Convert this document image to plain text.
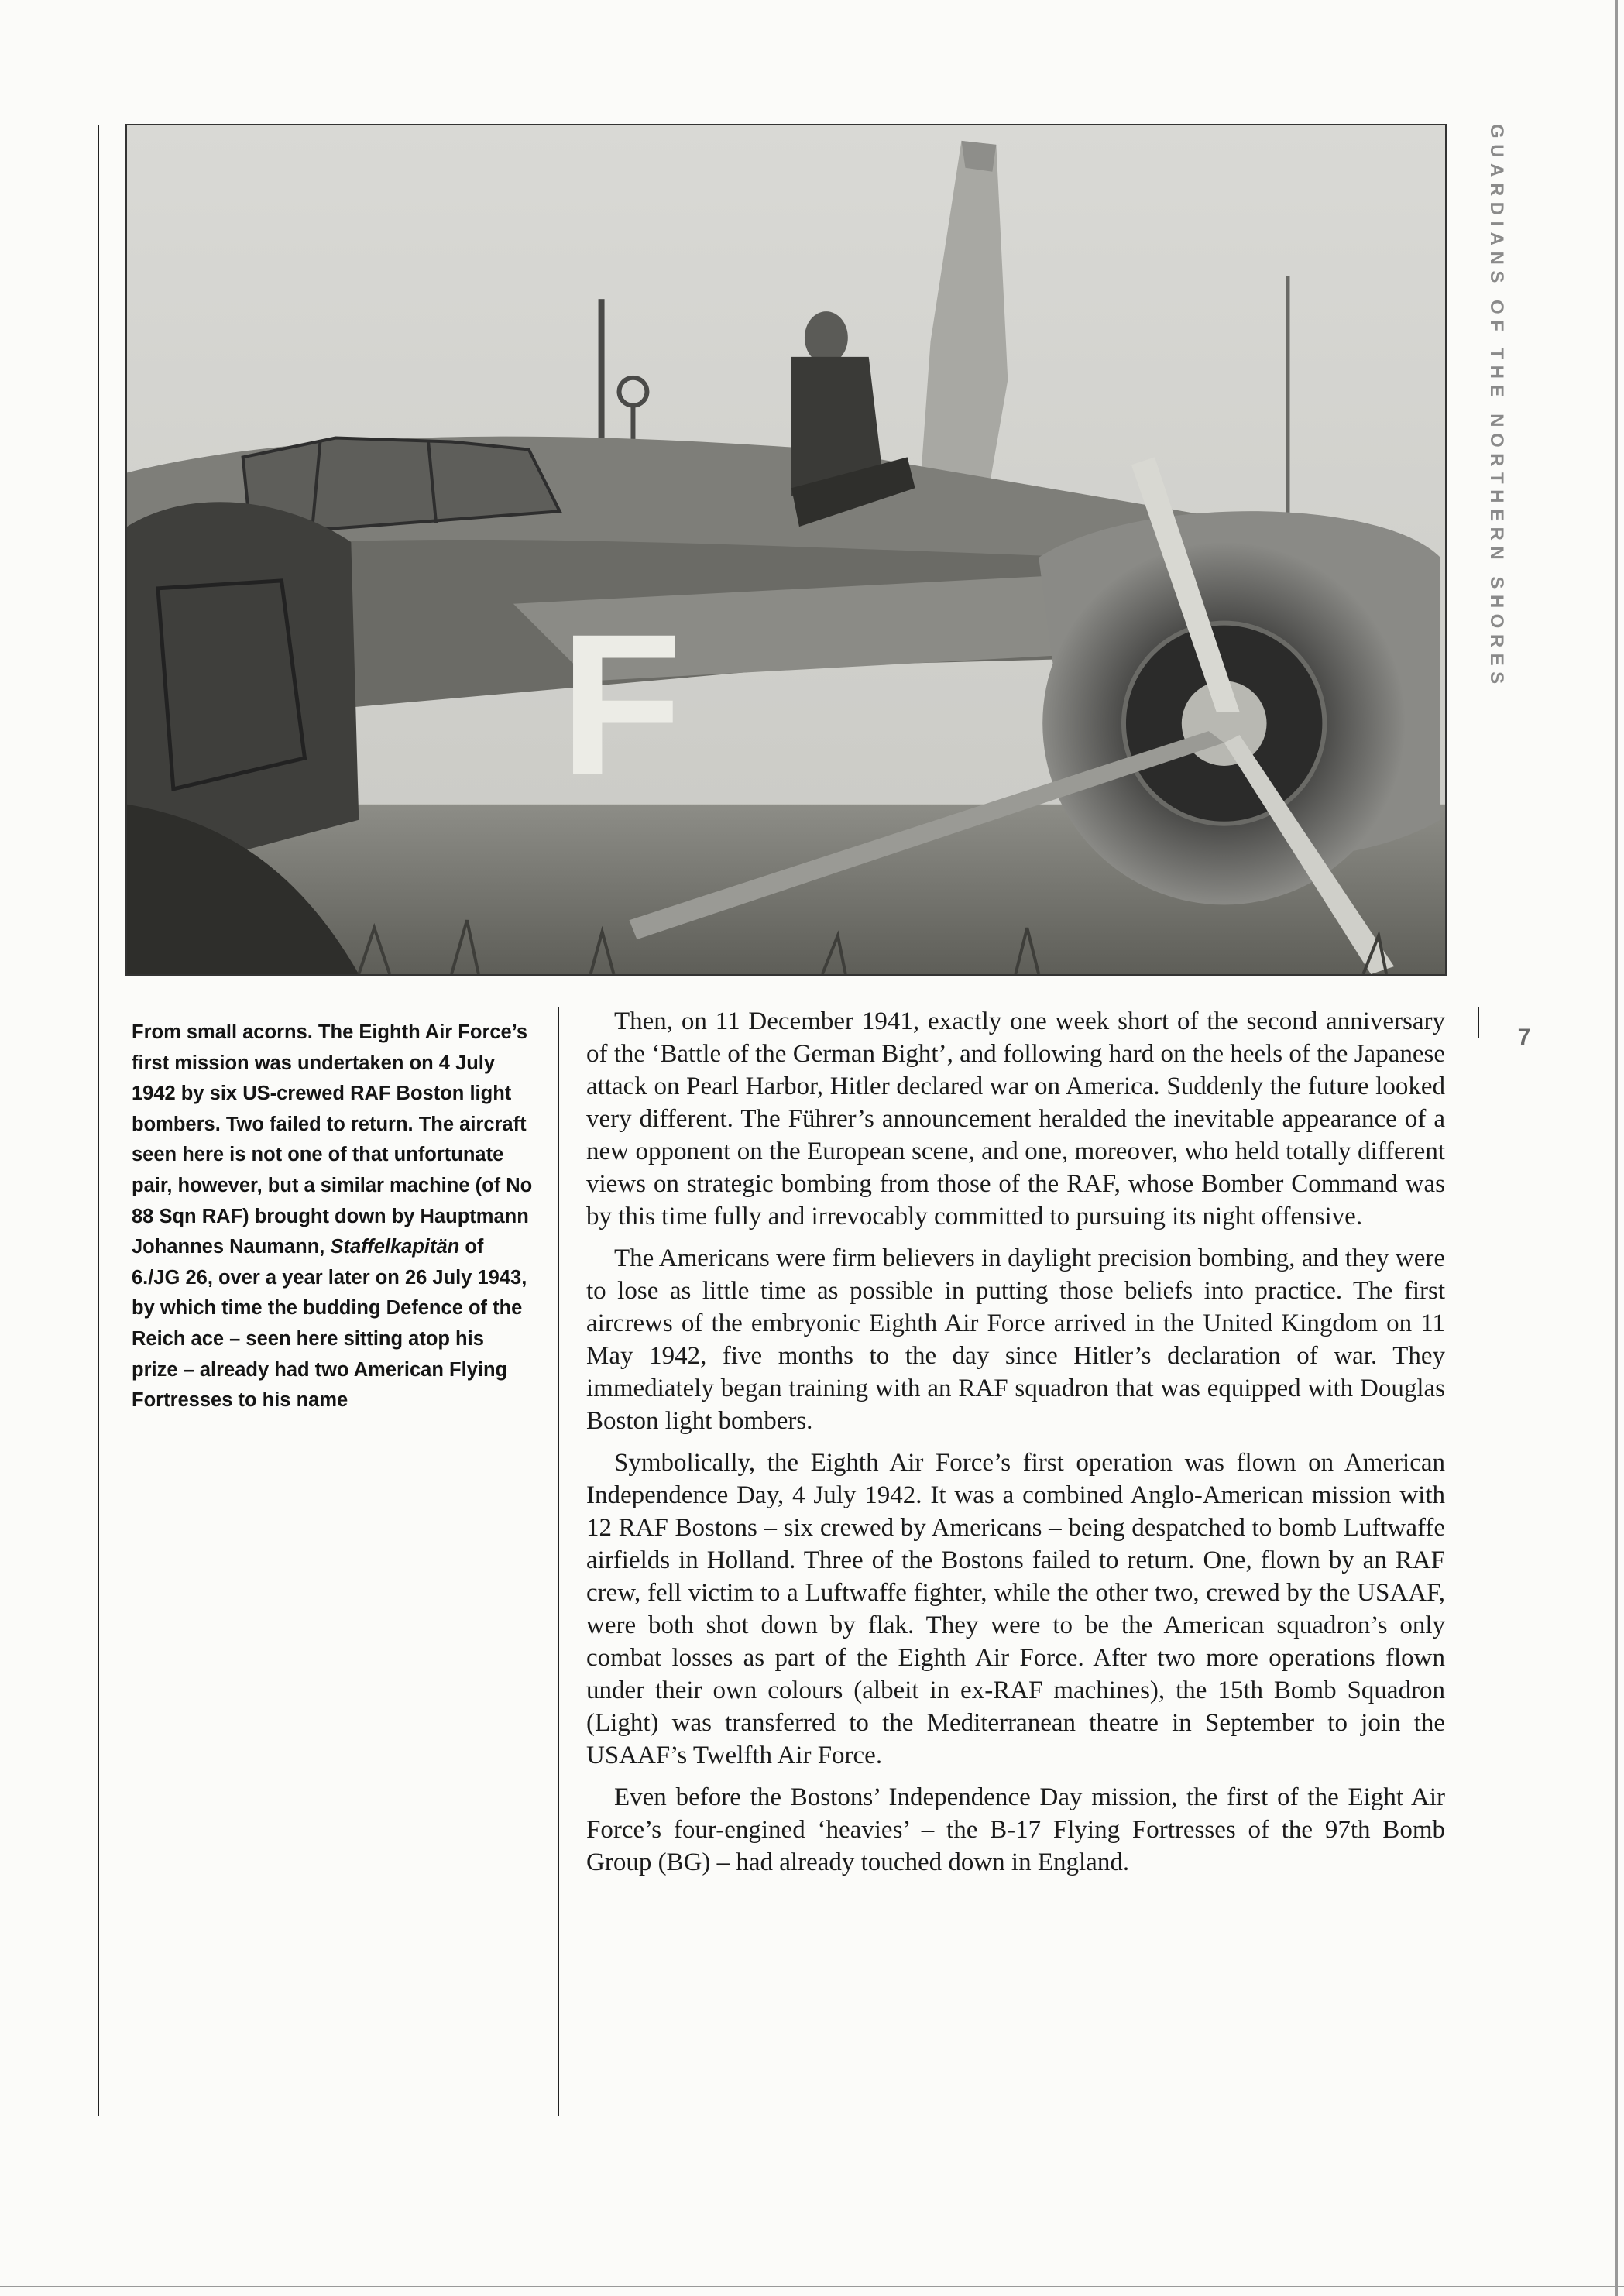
F

From small acorns. The Eighth Air Force’s first mission was undertaken on 4 July 1942 by six US-crewed RAF Boston light bombers. Two failed to return. The aircraft seen here is not one of that unfortunate pair, however, but a similar machine (of No 88 Sqn RAF) brought down by Hauptmann Johannes Naumann, Staffelkapitän of 6./JG 26, over a year later on 26 July 1943, by which time the budding Defence of the Reich ace – seen here sitting atop his prize – already had two American Flying Fortresses to his name

Then, on 11 December 1941, exactly one week short of the second anniversary of the ‘Battle of the German Bight’, and following hard on the heels of the Japanese attack on Pearl Harbor, Hitler declared war on America. Suddenly the future looked very different. The Führer’s announcement heralded the inevitable appearance of a new opponent on the European scene, and one, moreover, who held totally different views on strategic bombing from those of the RAF, whose Bomber Command was by this time fully and irrevocably committed to pursuing its night offensive.

The Americans were firm believers in daylight precision bombing, and they were to lose as little time as possible in putting those beliefs into practice. The first aircrews of the embryonic Eighth Air Force arrived in the United Kingdom on 11 May 1942, five months to the day since Hitler’s declaration of war. They immediately began training with an RAF squadron that was equipped with Douglas Boston light bombers.

Symbolically, the Eighth Air Force’s first operation was flown on American Independence Day, 4 July 1942. It was a combined Anglo-American mission with 12 RAF Bostons – six crewed by Americans – being despatched to bomb Luftwaffe airfields in Holland. Three of the Bostons failed to return. One, flown by an RAF crew, fell victim to a Luftwaffe fighter, while the other two, crewed by the USAAF, were both shot down by flak. They were to be the American squadron’s only combat losses as part of the Eighth Air Force. After two more operations flown under their own colours (albeit in ex-RAF machines), the 15th Bomb Squadron (Light) was transferred to the Mediterranean theatre in September to join the USAAF’s Twelfth Air Force.

Even before the Bostons’ Independence Day mission, the first of the Eight Air Force’s four-engined ‘heavies’ – the B-17 Flying Fortresses of the 97th Bomb Group (BG) – had already touched down in England.

GUARDIANS OF THE NORTHERN SHORES
7
